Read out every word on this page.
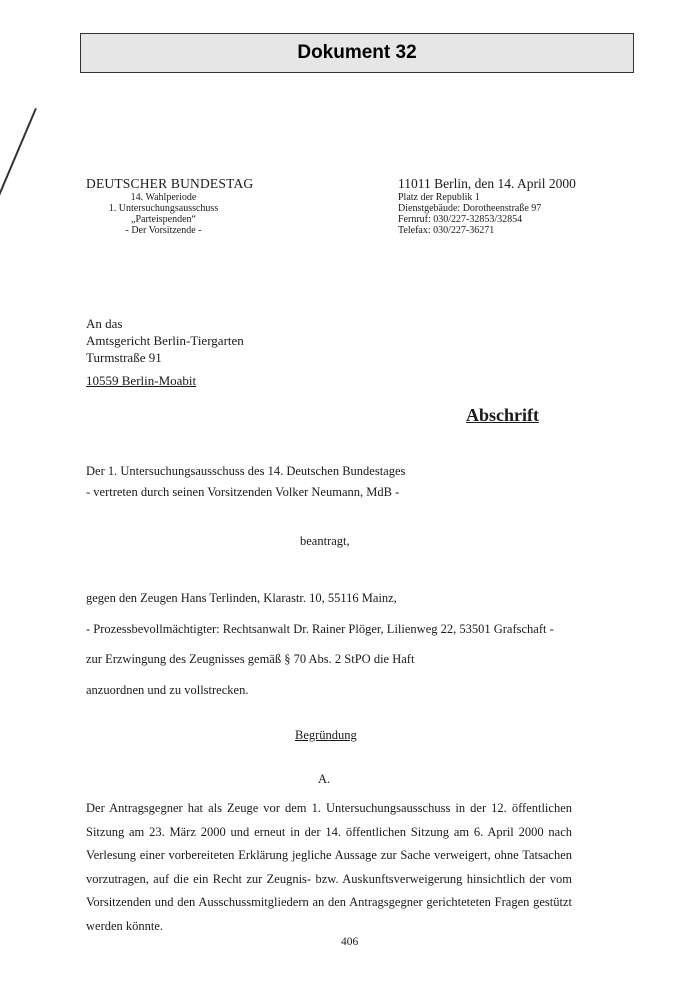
Dokument 32
DEUTSCHER BUNDESTAG
14. Wahlperiode
1. Untersuchungsausschuss
„Parteispenden“
- Der Vorsitzende -
11011 Berlin, den 14. April 2000
Platz der Republik 1
Dienstgebäude: Dorotheenstraße 97
Fernruf: 030/227-32853/32854
Telefax: 030/227-36271
An das
Amtsgericht Berlin-Tiergarten
Turmstraße 91
10559 Berlin-Moabit
Abschrift
Der 1. Untersuchungsausschuss des 14. Deutschen Bundestages
- vertreten durch seinen Vorsitzenden Volker Neumann, MdB -
beantragt,
gegen den Zeugen Hans Terlinden, Klarastr. 10, 55116 Mainz,
- Prozessbevollmächtigter: Rechtsanwalt Dr. Rainer Plöger, Lilienweg 22, 53501 Grafschaft -
zur Erzwingung des Zeugnisses gemäß § 70 Abs. 2 StPO die Haft
anzuordnen und zu vollstrecken.
Begründung
A.
Der Antragsgegner hat als Zeuge vor dem 1. Untersuchungsausschuss in der 12. öffentlichen Sitzung am 23. März 2000 und erneut in der 14. öffentlichen Sitzung am 6. April 2000 nach Verlesung einer vorbereiteten Erklärung jegliche Aussage zur Sache verweigert, ohne Tatsachen vorzutragen, auf die ein Recht zur Zeugnis- bzw. Auskunftsverweigerung hinsichtlich der vom Vorsitzenden und den Ausschussmitgliedern an den Antragsgegner gerichteteten Fragen gestützt werden könnte.
406
